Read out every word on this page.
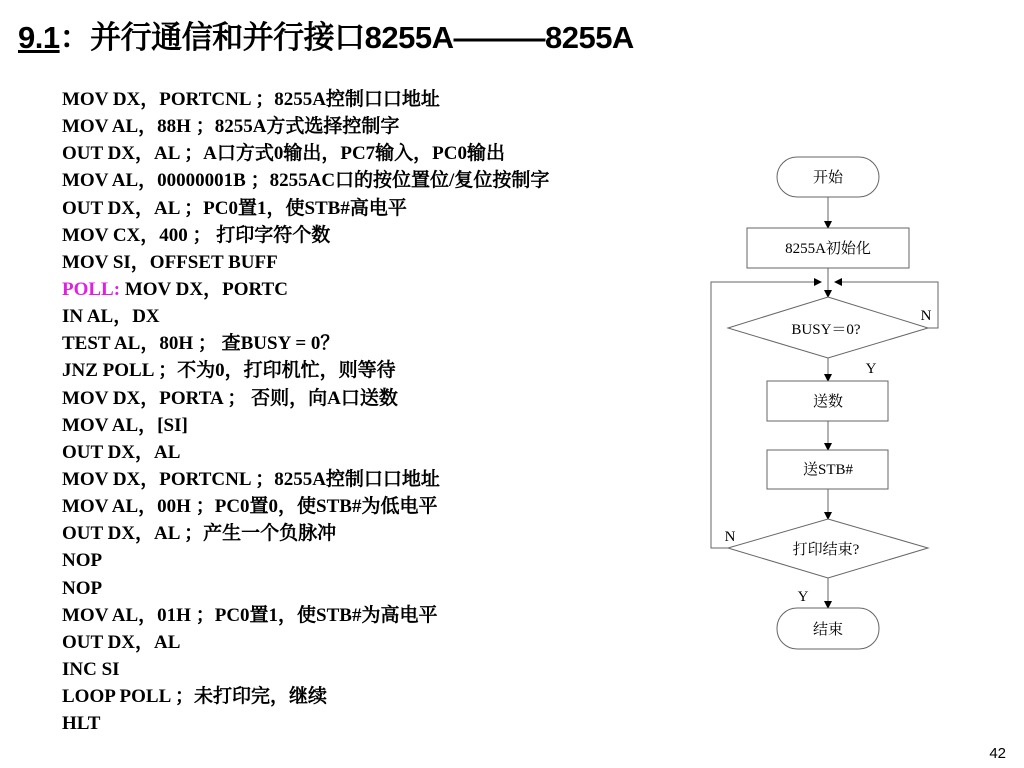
9.1：并行通信和并行接口8255A———8255A
MOV DX，PORTCNL ；8255A控制口口地址
MOV AL，88H ；8255A方式选择控制字
OUT DX，AL ；A口方式0输出，PC7输入，PC0输出
MOV AL，00000001B ；8255AC口的按位置位/复位按制字
OUT DX，AL ；PC0置1，使STB#高电平
MOV CX，400 ； 打印字符个数
MOV SI，OFFSET BUFF
POLL: MOV DX，PORTC
IN AL，DX
TEST AL，80H ； 查BUSY = 0？
JNZ POLL ；不为0，打印机忙，则等待
MOV DX，PORTA ； 否则，向A口送数
MOV AL，[SI]
OUT DX，AL
MOV DX，PORTCNL ；8255A控制口口地址
MOV AL，00H ；PC0置0，使STB#为低电平
OUT DX，AL ；产生一个负脉冲
NOP
NOP
MOV AL，01H ；PC0置1，使STB#为高电平
OUT DX，AL
INC SI
LOOP POLL ；未打印完，继续
HLT
开始
8255A初始化
BUSY＝0?
N
Y
送数
送STB#
打印结束?
N
Y
结束
42
